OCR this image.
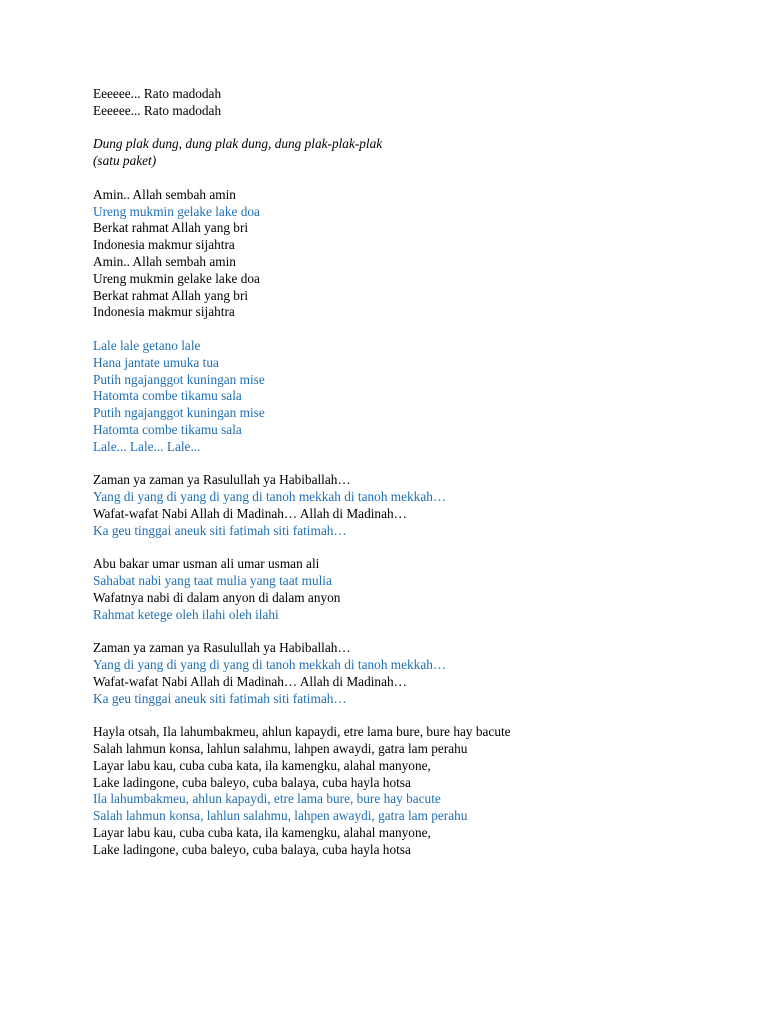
Eeeeee... Rato madodah
Eeeeee... Rato madodah
Dung plak dung, dung plak dung, dung plak-plak-plak
(satu paket)
Amin.. Allah sembah amin
Ureng mukmin gelake lake doa
Berkat rahmat Allah yang bri
Indonesia makmur sijahtra
Amin.. Allah sembah amin
Ureng mukmin gelake lake doa
Berkat rahmat Allah yang bri
Indonesia makmur sijahtra
Lale lale getano lale
Hana jantate umuka tua
Putih ngajanggot kuningan mise
Hatomta combe tikamu sala
Putih ngajanggot kuningan mise
Hatomta combe tikamu sala
Lale... Lale... Lale...
Zaman ya zaman ya Rasulullah ya Habiballah…
Yang di yang di yang di yang di tanoh mekkah di tanoh mekkah…
Wafat-wafat Nabi Allah di Madinah… Allah di Madinah…
Ka geu tinggai aneuk siti fatimah siti fatimah…
Abu bakar umar usman ali umar usman ali
Sahabat nabi yang taat mulia yang taat mulia
Wafatnya nabi di dalam anyon di dalam anyon
Rahmat ketege oleh ilahi oleh ilahi
Zaman ya zaman ya Rasulullah ya Habiballah…
Yang di yang di yang di yang di tanoh mekkah di tanoh mekkah…
Wafat-wafat Nabi Allah di Madinah… Allah di Madinah…
Ka geu tinggai aneuk siti fatimah siti fatimah…
Hayla otsah, Ila lahumbakmeu, ahlun kapaydi, etre lama bure, bure hay bacute
Salah lahmun konsa, lahlun salahmu, lahpen awaydi, gatra lam perahu
Layar labu kau, cuba cuba kata, ila kamengku, alahal manyone,
Lake ladingone, cuba baleyo, cuba balaya, cuba hayla hotsa
Ila lahumbakmeu, ahlun kapaydi, etre lama bure, bure hay bacute
Salah lahmun konsa, lahlun salahmu, lahpen awaydi, gatra lam perahu
Layar labu kau, cuba cuba kata, ila kamengku, alahal manyone,
Lake ladingone, cuba baleyo, cuba balaya, cuba hayla hotsa
